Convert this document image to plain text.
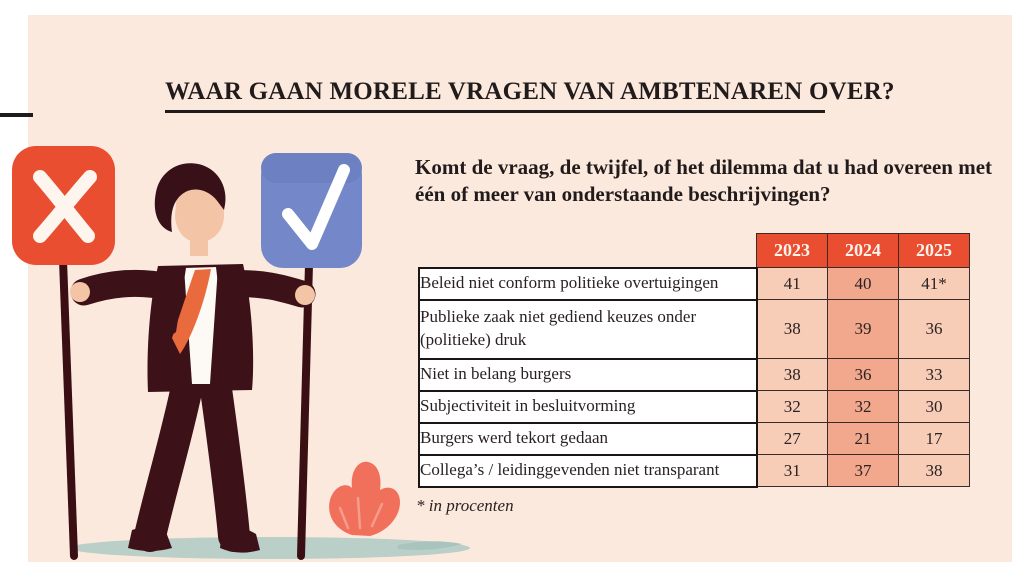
WAAR GAAN MORELE VRAGEN VAN AMBTENAREN OVER?
Komt de vraag, de twijfel, of het dilemma dat u had overeen met één of meer van onderstaande beschrijvingen?
	2023	2024	2025
Beleid niet conform politieke overtuigingen	41	40	41*
Publieke zaak niet gediend keuzes onder (politieke) druk	38	39	36
Niet in belang burgers	38	36	33
Subjectiviteit in besluitvorming	32	32	30
Burgers werd tekort gedaan	27	21	17
Collega’s / leidinggevenden niet transparant	31	37	38
* in procenten
